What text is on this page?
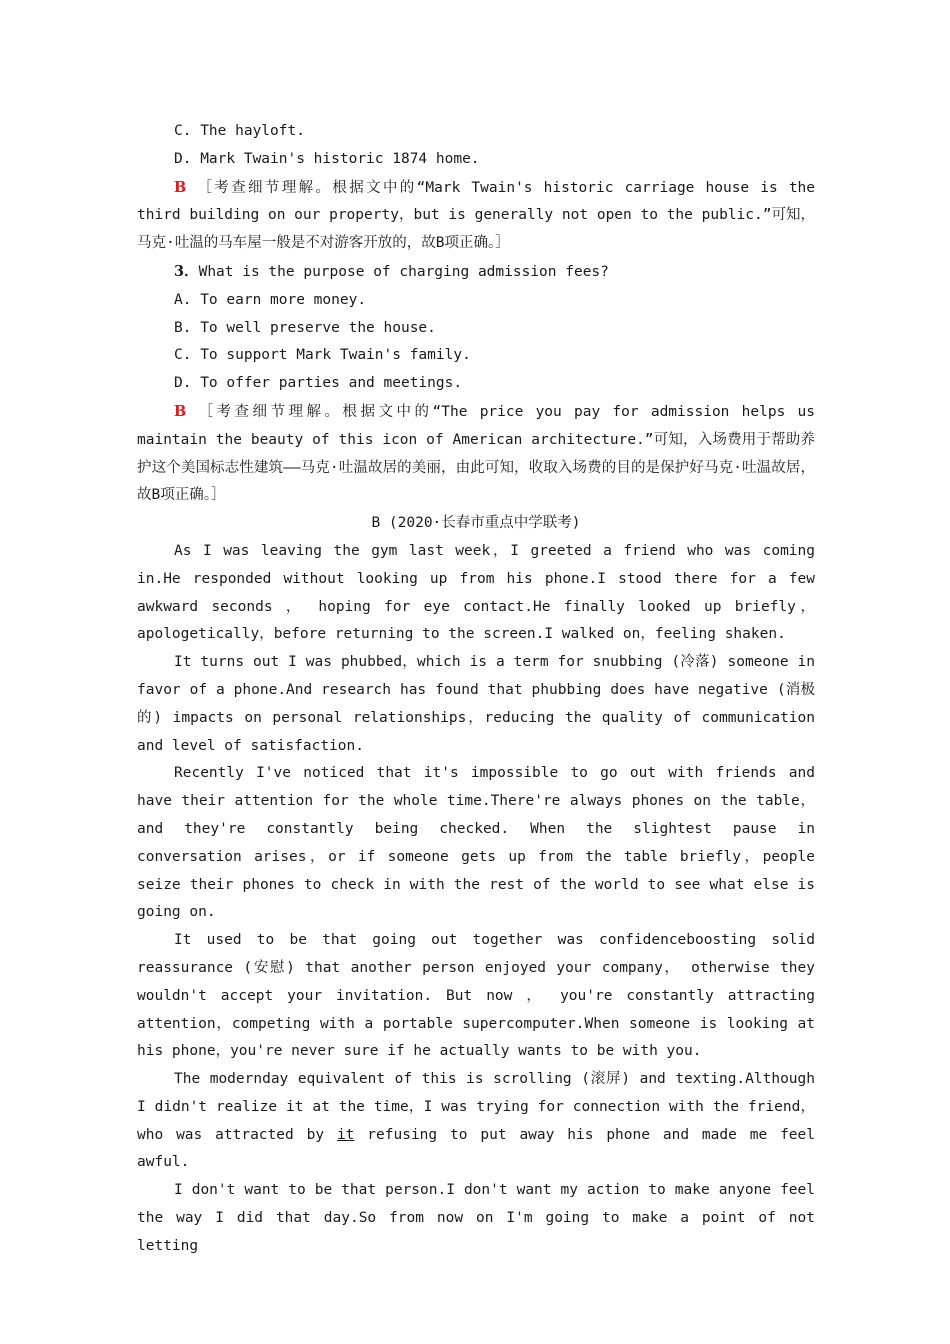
C. The hayloft.

D. Mark Twain's historic 1874 home.

B ［考查细节理解。根据文中的“Mark Twain's historic carriage house is the third building on our property，but is generally not open to the public.”可知，马克·吐温的马车屋一般是不对游客开放的，故B项正确。］

3．What is the purpose of charging admission fees?

A. To earn more money.

B. To well preserve the house.

C. To support Mark Twain's family.

D. To offer parties and meetings.

B ［考查细节理解。根据文中的“The price you pay for admission helps us maintain the beauty of this icon of American architecture.”可知，入场费用于帮助养护这个美国标志性建筑——马克·吐温故居的美丽，由此可知，收取入场费的目的是保护好马克·吐温故居，故B项正确。］

B (2020·长春市重点中学联考)

As I was leaving the gym last week，I greeted a friend who was coming in.He responded without looking up from his phone.I stood there for a few awkward seconds ， hoping for eye contact.He finally looked up briefly，apologetically，before returning to the screen.I walked on，feeling shaken.

It turns out I was phubbed，which is a term for snubbing (冷落) someone in favor of a phone.And research has found that phubbing does have negative (消极的) impacts on personal relationships，reducing the quality of communication and level of satisfaction.

Recently I've noticed that it's impossible to go out with friends and have their attention for the whole time.There're always phones on the table， and they're constantly being checked. When the slightest pause in conversation arises，or if someone gets up from the table briefly，people seize their phones to check in with the rest of the world to see what else is going on.

It used to be that going out together was confidenceboosting solid reassurance (安慰) that another person enjoyed your company， otherwise they wouldn't accept your invitation. But now ， you're constantly attracting attention，competing with a portable supercomputer.When someone is looking at his phone，you're never sure if he actually wants to be with you.

The modernday equivalent of this is scrolling (滚屏) and texting.Although I didn't realize it at the time，I was trying for connection with the friend，who was attracted by it refusing to put away his phone and made me feel awful.

I don't want to be that person.I don't want my action to make anyone feel the way I did that day.So from now on I'm going to make a point of not letting
